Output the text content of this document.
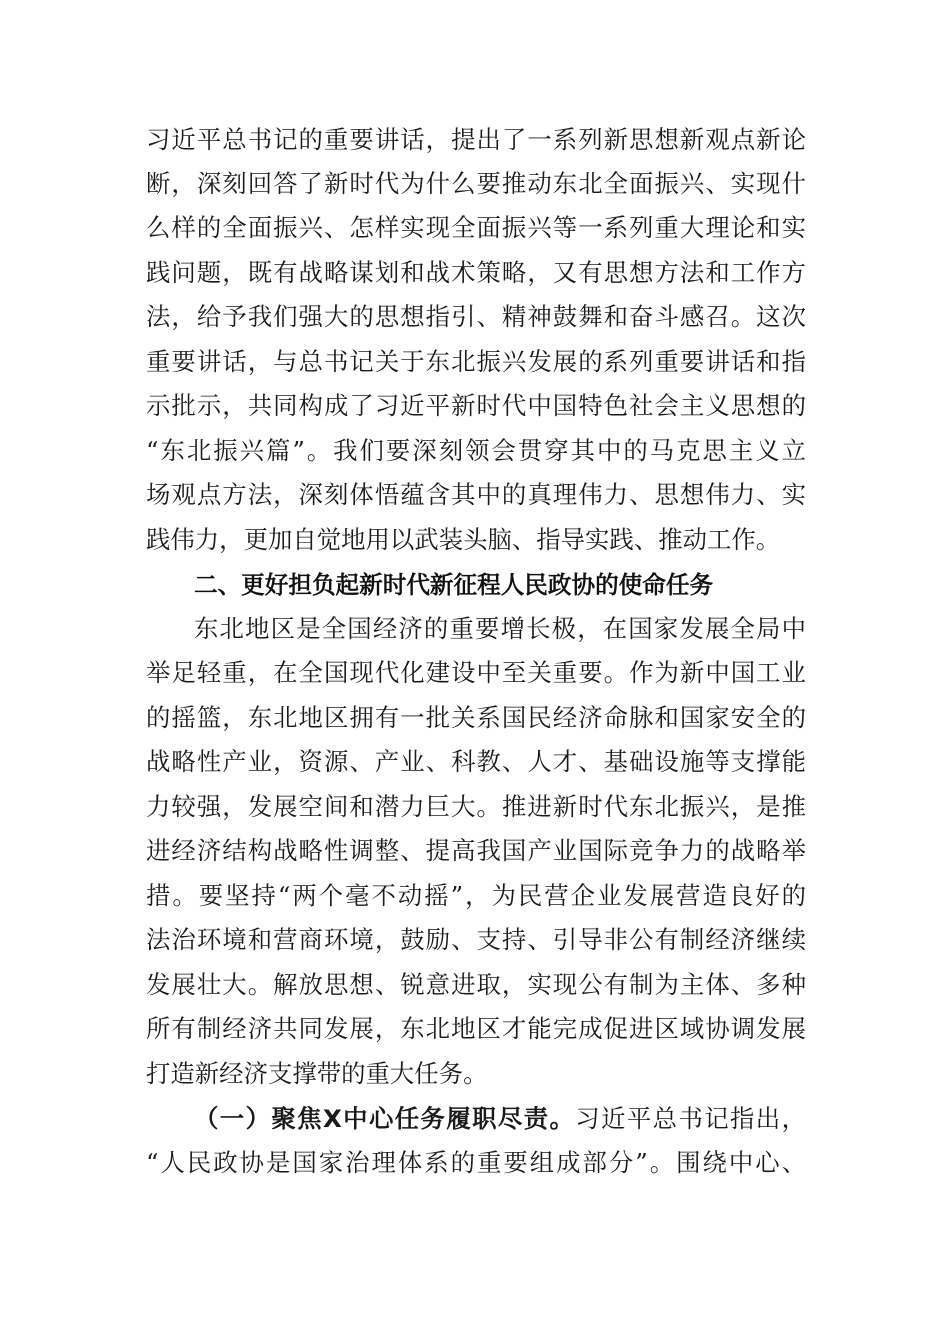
习近平总书记的重要讲话，提出了一系列新思想新观点新论

断，深刻回答了新时代为什么要推动东北全面振兴、实现什

么样的全面振兴、怎样实现全面振兴等一系列重大理论和实

践问题，既有战略谋划和战术策略，又有思想方法和工作方

法，给予我们强大的思想指引、精神鼓舞和奋斗感召。这次

重要讲话，与总书记关于东北振兴发展的系列重要讲话和指

示批示，共同构成了习近平新时代中国特色社会主义思想的

“东北振兴篇”。我们要深刻领会贯穿其中的马克思主义立

场观点方法，深刻体悟蕴含其中的真理伟力、思想伟力、实

践伟力，更加自觉地用以武装头脑、指导实践、推动工作。

二、更好担负起新时代新征程人民政协的使命任务

东北地区是全国经济的重要增长极，在国家发展全局中

举足轻重，在全国现代化建设中至关重要。作为新中国工业

的摇篮，东北地区拥有一批关系国民经济命脉和国家安全的

战略性产业，资源、产业、科教、人才、基础设施等支撑能

力较强，发展空间和潜力巨大。推进新时代东北振兴，是推

进经济结构战略性调整、提高我国产业国际竞争力的战略举

措。要坚持“两个毫不动摇”，为民营企业发展营造良好的

法治环境和营商环境，鼓励、支持、引导非公有制经济继续

发展壮大。解放思想、锐意进取，实现公有制为主体、多种

所有制经济共同发展，东北地区才能完成促进区域协调发展

打造新经济支撑带的重大任务。

（一）聚焦X中心任务履职尽责。习近平总书记指出，

“人民政协是国家治理体系的重要组成部分”。围绕中心、
